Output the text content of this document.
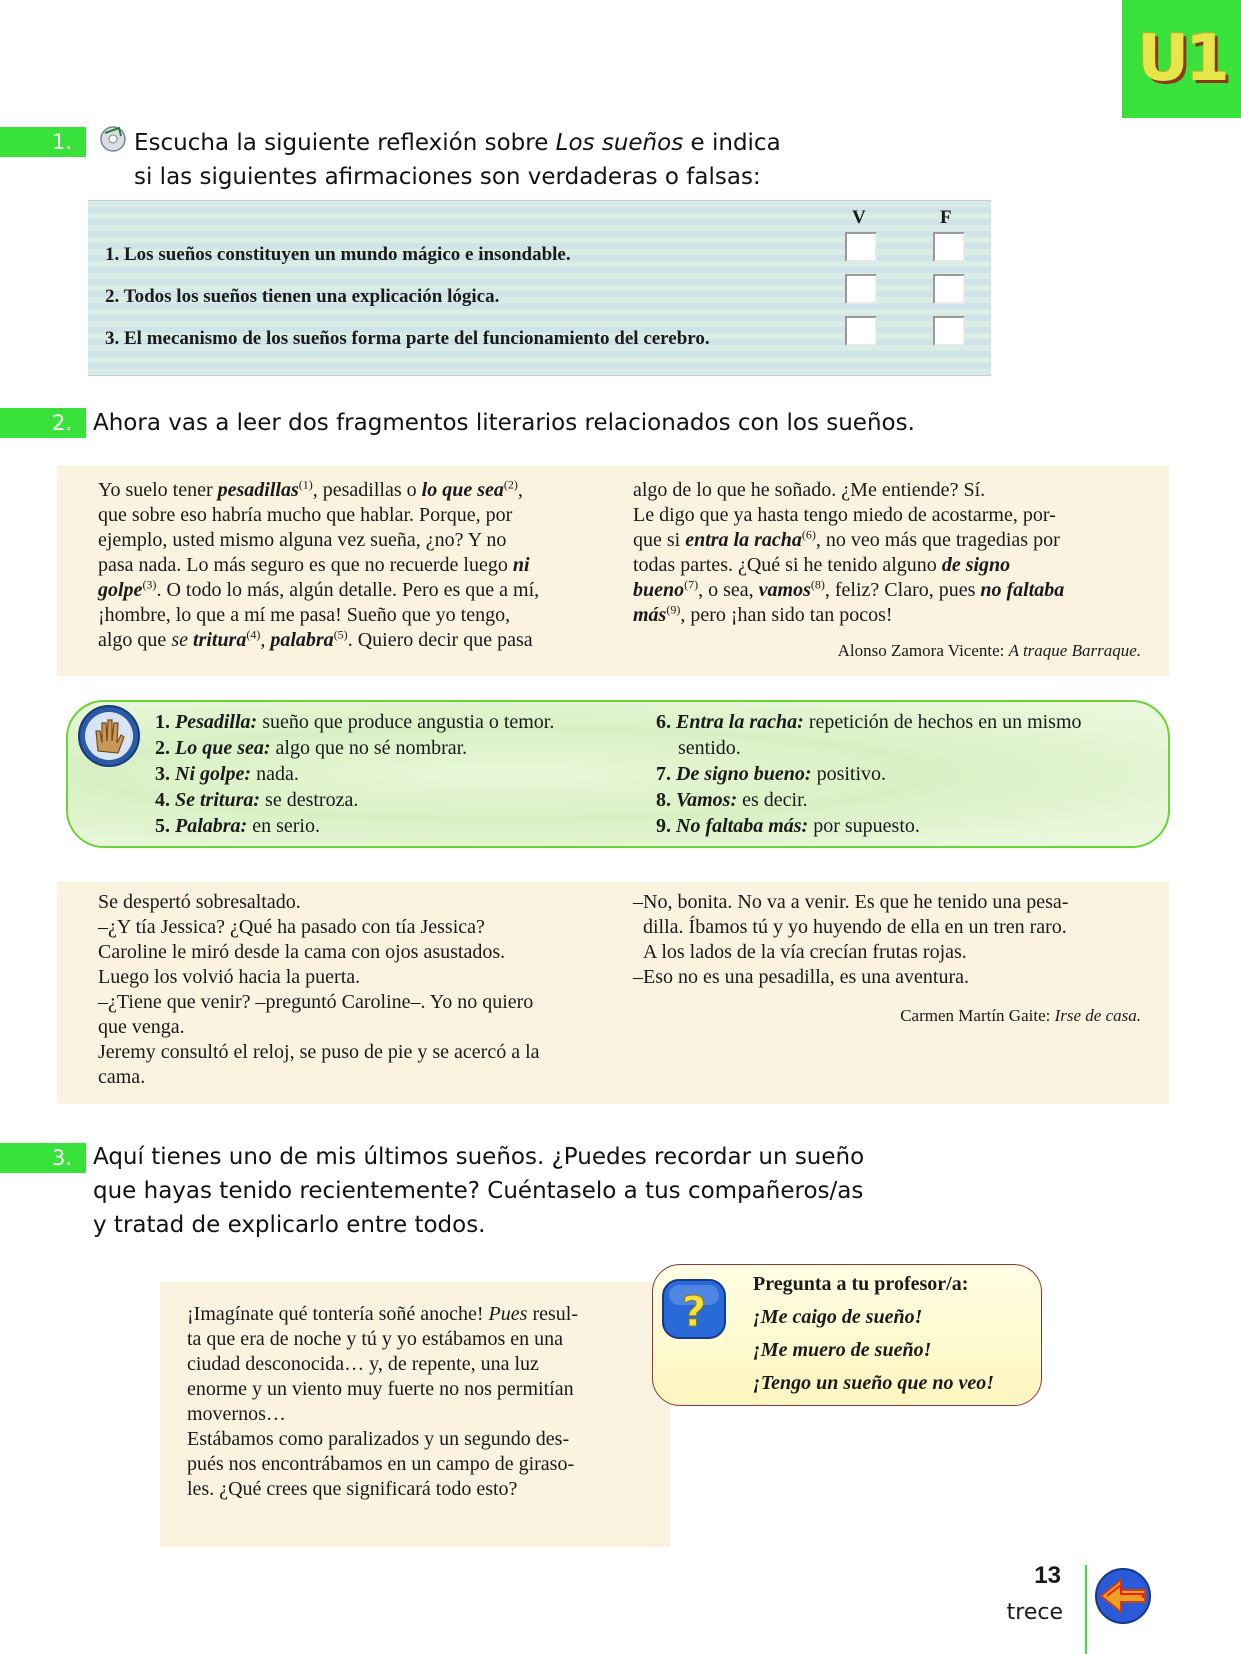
U1
1.	Escucha la siguiente reflexión sobre Los sueños e indica
si las siguientes afirmaciones son verdaderas o falsas:
V	F
1. Los sueños constituyen un mundo mágico e insondable.
2. Todos los sueños tienen una explicación lógica.
3. El mecanismo de los sueños forma parte del funcionamiento del cerebro.
2. Ahora vas a leer dos fragmentos literarios relacionados con los sueños.

Yo suelo tener pesadillas$^{(1)}$, pesadillas o lo que sea$^{(2)}$,

que sobre eso habría mucho que hablar. Porque, por

ejemplo, usted mismo alguna vez sueña, ¿no? Y no

pasa nada. Lo más seguro es que no recuerde luego ni

golpe$^{(3)}$. O todo lo más, algún detalle. Pero es que a mí,

¡hombre, lo que a mí me pasa! Sueño que yo tengo,

algo que se tritura$^{(4)}$, palabra$^{(5)}$. Quiero decir que pasa

algo de lo que he soñado. ¿Me entiende? Sí.

Le digo que ya hasta tengo miedo de acostarme, por-

que si entra la racha$^{(6)}$, no veo más que tragedias por

todas partes. ¿Qué si he tenido alguno de signo

bueno$^{(7)}$, o sea, vamos$^{(8)}$, feliz? Claro, pues no faltaba

más$^{(9)}$, pero ¡han sido tan pocos!

Alonso Zamora Vicente: A traque Barraque.
1. Pesadilla: sueño que produce angustia o temor.
2. Lo que sea: algo que no sé nombrar.
3. Ni golpe: nada.
4. Se tritura: se destroza.
5. Palabra: en serio.
6. Entra la racha: repetición de hechos en un mismo
sentido.
7. De signo bueno: positivo.
8. Vamos: es decir.
9. No faltaba más: por supuesto.

Se despertó sobresaltado.

–¿Y tía Jessica? ¿Qué ha pasado con tía Jessica?

Caroline le miró desde la cama con ojos asustados.

Luego los volvió hacia la puerta.

–¿Tiene que venir? –preguntó Caroline–. Yo no quiero

que venga.

Jeremy consultó el reloj, se puso de pie y se acercó a la

cama.

–No, bonita. No va a venir. Es que he tenido una pesa-

dilla. Íbamos tú y yo huyendo de ella en un tren raro.

A los lados de la vía crecían frutas rojas.

–Eso no es una pesadilla, es una aventura.

Carmen Martín Gaite: Irse de casa.
3. Aquí tienes uno de mis últimos sueños. ¿Puedes recordar un sueño
que hayas tenido recientemente? Cuéntaselo a tus compañeros/as
y tratad de explicarlo entre todos.

¡Imagínate qué tontería soñé anoche! Pues resul-

ta que era de noche y tú y yo estábamos en una

ciudad desconocida… y, de repente, una luz

enorme y un viento muy fuerte no nos permitían

movernos…

Estábamos como paralizados y un segundo des-

pués nos encontrábamos en un campo de giraso-

les. ¿Qué crees que significará todo esto?

?
Pregunta a tu profesor/a:
¡Me caigo de sueño!
¡Me muero de sueño!
¡Tengo un sueño que no veo!
13
trece
